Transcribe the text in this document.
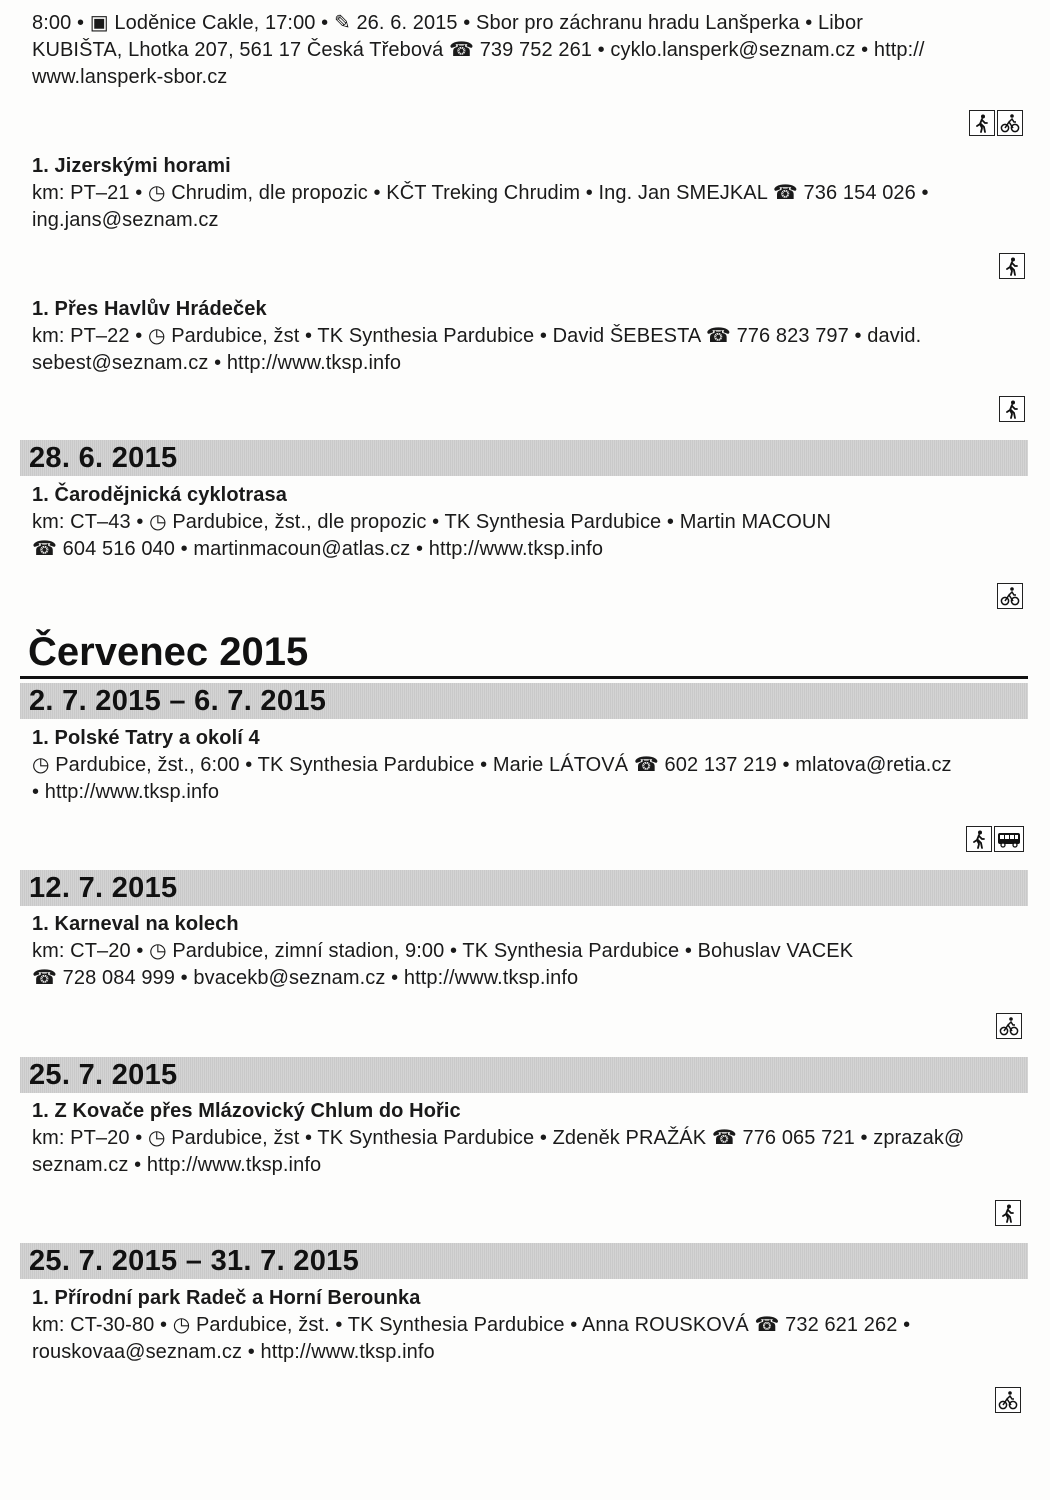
8:00 • ▣ Loděnice Cakle, 17:00 • ✎ 26. 6. 2015 • Sbor pro záchranu hradu Lanšperka • Libor
KUBIŠTA, Lhotka 207, 561 17 Česká Třebová ☎ 739 752 261 • cyklo.lansperk@seznam.cz • http://
www.lansperk-sbor.cz
1. Jizerskými horami
km: PT–21 • ◷ Chrudim, dle propozic • KČT Treking Chrudim • Ing. Jan SMEJKAL ☎ 736 154 026 •
ing.jans@seznam.cz
1. Přes Havlův Hrádeček
km: PT–22 • ◷ Pardubice, žst • TK Synthesia Pardubice • David ŠEBESTA ☎ 776 823 797 • david.
sebest@seznam.cz • http://www.tksp.info
28. 6. 2015
1. Čarodějnická cyklotrasa
km: CT–43 • ◷ Pardubice, žst., dle propozic • TK Synthesia Pardubice • Martin MACOUN
☎ 604 516 040 • martinmacoun@atlas.cz • http://www.tksp.info
Červenec 2015
2. 7. 2015 – 6. 7. 2015
1. Polské Tatry a okolí 4
◷ Pardubice, žst., 6:00 • TK Synthesia Pardubice • Marie LÁTOVÁ ☎ 602 137 219 • mlatova@retia.cz
• http://www.tksp.info
12. 7. 2015
1. Karneval na kolech
km: CT–20 • ◷ Pardubice, zimní stadion, 9:00 • TK Synthesia Pardubice • Bohuslav VACEK
☎ 728 084 999 • bvacekb@seznam.cz • http://www.tksp.info
25. 7. 2015
1. Z Kovače přes Mlázovický Chlum do Hořic
km: PT–20 • ◷ Pardubice, žst • TK Synthesia Pardubice • Zdeněk PRAŽÁK ☎ 776 065 721 • zprazak@
seznam.cz • http://www.tksp.info
25. 7. 2015 – 31. 7. 2015
1. Přírodní park Radeč a Horní Berounka
km: CT-30-80 • ◷ Pardubice, žst. • TK Synthesia Pardubice • Anna ROUSKOVÁ ☎ 732 621 262 •
rouskovaa@seznam.cz • http://www.tksp.info
